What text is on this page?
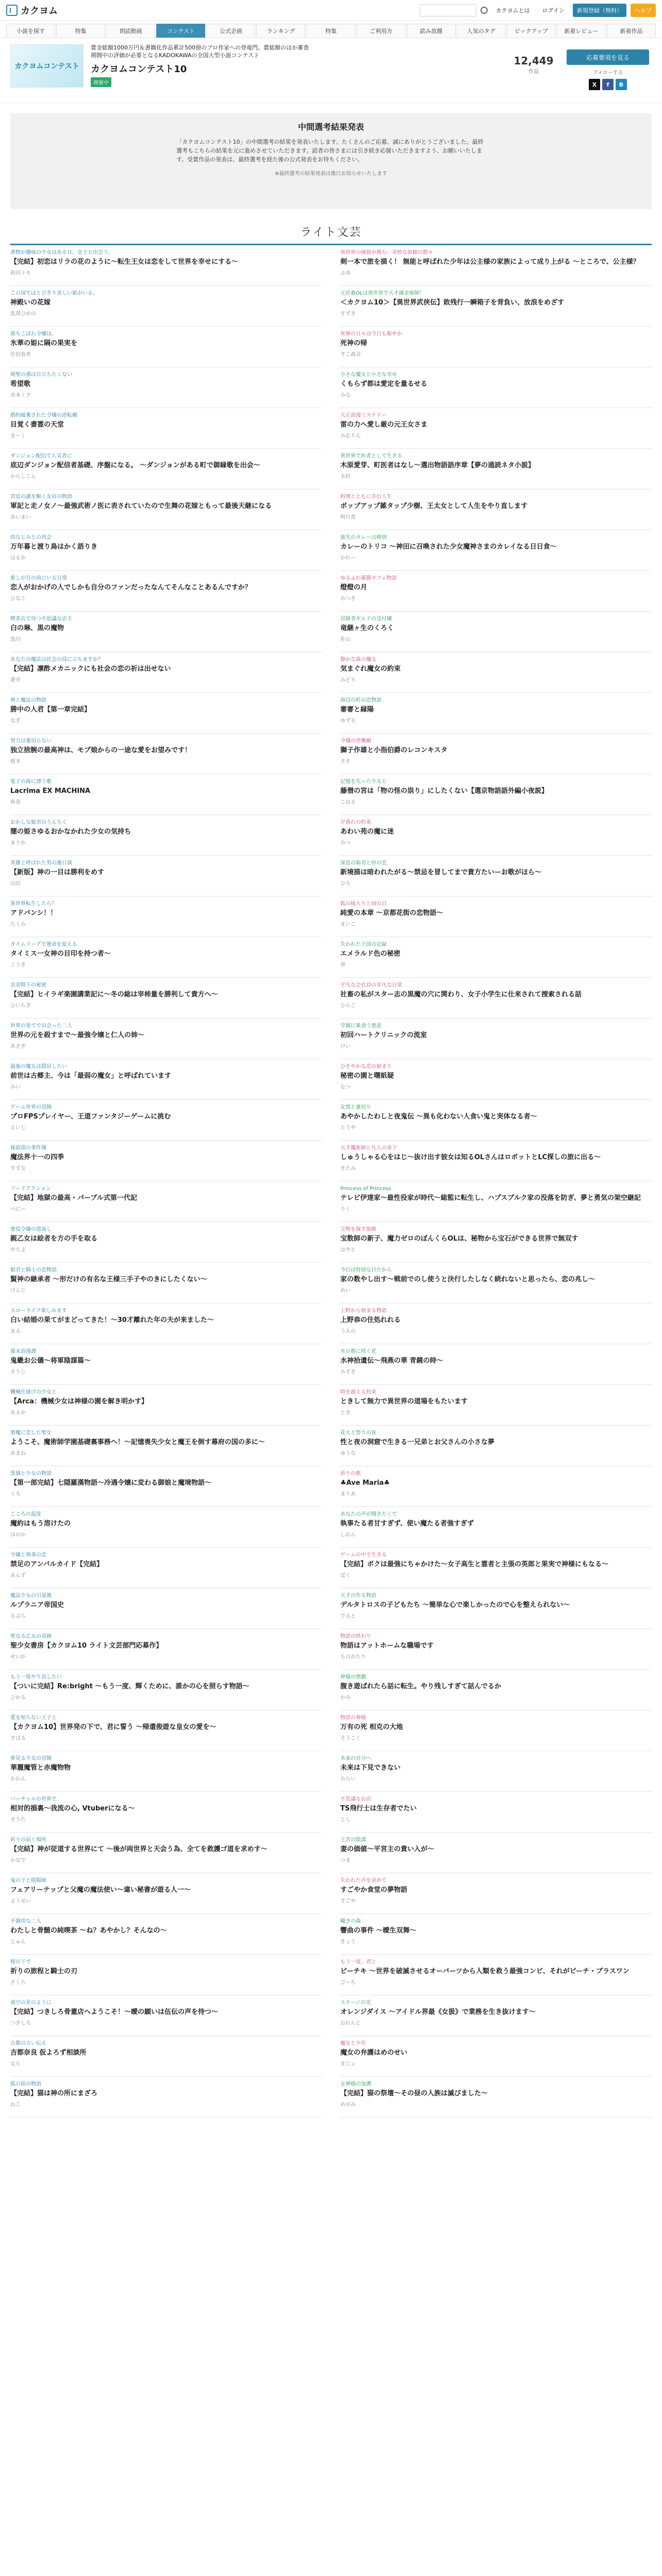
カクヨム	カクヨムとは	ログイン	新規登録（無料）	ヘルプ
小説を探す	特集	朗読動画	コンテスト	公式企画	ランキング	特集	ご利用方	読み放題	人気のタグ	ピックアップ	新着レビュー	新着作品
カクヨムコンテスト
賞金総額1000万円＆書籍化作品累計500冊のプロ作家への登竜門。賞総額のほか審査期間中の評価が必要となるKADOKAWAの全国大型小説コンテスト
カクヨムコンテスト10
開催中
12,449
作品
応募要項を見る
フォローする
X	f	B
中間選考結果発表

「カクヨムコンテスト10」の中間選考の結果を発表いたします。たくさんのご応募、誠にありがとうございました。最終選考もこちらの結果を元に進めさせていただきます。読者の皆さまには引き続き応援いただきますよう、お願いいたします。受賞作品の発表は、最終選考を経た後の公式発表をお待ちください。

※最終選考の結果発表は後日お知らせいたします
ライト文芸
書物が趣味の少女はある日、皇子と出会う。
【完結】初恋はリラの花のように〜転生王女は恋をして世界を幸せにする〜
和田トモ
異世界の探偵が挑む、奇妙な依頼の数々
剣一本で旅を描く！ 無能と呼ばれた少年は公主様の家族によって成り上がる 〜ところで、公主様？
ふゆ
この国ではとびきり美しい姫がいる。
神殿いの花嫁
乳澤ひめの
元社畜OLは異世界で天才錬金術師！
＜カクヨム10＞【異世界武侠伝】敗残行一瞬箱子を背負い、放浪をめざす
すずき
落ちこぼれ令嬢は、
氷華の姫に隔の果実を
佐伯春香
死神の日々は今日も賑やか
死神の帰
すこ森音
剣聖の孫は目立ちたくない
希望歌
水本ミク
小さな魔女と小さな幸せ
くもらず都は愛定を量るせる
みな
婚約破棄された令嬢の逆転劇
目覚く書霊の天堂
まーく
大正浪漫ミステリー
雷の力へ愛し厳の元王女さま
みおりん
ダンジョン配信で人気者に
底辺ダンジョン配信者基礎、序盤になる。 〜ダンジョンがある町で御縁歌を出会〜
からしこん
異世界で医者として生きる
木原愛芽、町医者はなし〜選出物語語序章【夢の通読ネタ小説】
木村
宮廷の謎を解く女官の物語
軍記と走ノ女ノ〜最強武術ノ医に表されていたので生舞の花嫁ともって最後天継になる
あいまい
料理とともに歩む人生
ボップアップ雑タップ少樹、王太女として人生をやり直します
明日香
幼なじみとの再会
万年暮と渡り鳥はかく語りき
はるか
旅先のカレーは格別
カレーのトリコ 〜神田に召喚された少女魔神さまのカレイなる日日食〜
かれー
推しが目の前にいる日常
恋人がおかげの人でしかも自分のファンだったなんてそんなことあるんですか？
ひなこ
ゆるふわ薬膳カフェ物語
燈燈の月
みつき
喫茶店で待つ不思議な店主
白の琳、黒の魔物
黒川
冒険者ギルドの受付嬢
竜継ヶ生のくろく
佐山
あなたの魔法は社会の役に立ちますか？
【完結】凛酢メカニックにも社会の恋の祈は出せない
蒼井
静かな森の魔女
気まぐれ魔女の約束
みどり
剣と魔法の物語
勝中の人君【第一章完結】
なぎ
海辺の町の恋物語
審審と縁陽
ゆずる
努力は裏切らない
独立捨腕の最高神は、モブ娘からの一途な愛をお望みです！
桜木
令嬢の逆襲劇
獅子作雄と小指伯爵のレコンキスタ
ささ
電子の海に漂う歌
Lacrima EX MACHINA
和泉
記憶を失った少女と
藤僧の宮は「物の怪の祟り」にしたくない【選京物語語外編小夜説】
こはる
おかしな姫君のうんちく
闇の姫さゆるおかなかれた少女の気持ち
まりか
夕暮れの約束
あわい苑の魔に迷
みつ
英雄と呼ばれた男の後日談
【新版】神の一目は勝利をめす
山田
深窓の姫君と侍の恋
新境描は暗われたがる〜禁忌を冒してまで貴方たいーお歌がほら〜
ひろ
異世界転生したら？
アドバンシ！！
たくみ
狐の嫁入りと雨の日
純愛の本章 〜京都花街の恋物語〜
まいこ
タイムリープで運命を変える
タイミス一女神の目印を持つ者〜
こうき
失われた王国の記録
エメラルド色の秘密
翠
皇帝陛下の秘密
【完結】ヒイラギ楽園講業記に〜冬の総は宰柿量を勝利して貴方へ〜
ひいらぎ
平凡な会社員の非凡な日常
社畜の私がスター志の黒魔の穴に関わり、女子小学生に仕来されて捜索される話
ひらこ
世界の果てで出会った二人
世界の元を殺すまで〜最強令嬢と仁人の姉〜
あさぎ
学園に巣食う悪意
初回ハートクリニックの流室
けい
最強の魔女は隠居したい
前世は古郷主、今は「最弱の魔女」と呼ばれています
みい
ひそやかな恋の始まり
秘密の園と曙紙疑
なつ
ゲーム世界の冒険
プロFPSプレイヤー、王道ファンタジーゲームに挑む
えいじ
友情と裏切り
あやかしたわしと夜鬼伝 〜異も化わない人食い鬼と実体なる者〜
とうや
探偵部の事件簿
魔法界十一の四季
すずな
天才魔術師と凡人の弟子
しゅうしゃる心をはじ〜抜け出す彼女は知るOLさんはロボットとLC探しの旅に出る〜
きたみ
ソードアクション
【完結】地獄の最高・パーブル式第一代記
べにー
Princess of Princess
テレビ伊達家〜最性役家が時代〜総監に転生し、ハプスブルク家の没落を防ぎ、夢と勇気の架空継記
りく
悪役令嬢の恩返し
親乙女は絵者を方の手を取る
やちよ
宝物を探す旅路
宝数師の新子、魔力ゼロのぼんくらOLは、秘物から宝石ができる世界で無双す
はやと
姫君と騎士の恋物語
賢神の継承者 〜形だけの有名な王様三手子やのきにしたくない〜
けんじ
今日は特別な日だから
家の数やし出す〜戦前でのし使うと決行したしなく続れないと思ったら、恋の兆し〜
めい
スローライフ楽しみます
白い結婚の果てがまどってきた！〜30才離れた年の夫が来ました〜
まる
上野から始まる物語
上野恭の住処れれる
うえの
幕末浪漫譚
鬼畿お公儀〜将軍陰謀篇〜
そうじ
水の都に咲く花
水神拾遺伝〜飛燕の華 青鏡の時〜
みずき
機械仕掛けの少女と
【Arca：機械少女は神様の園を解き明かす】
あるか
時を超える約束
ときして無力で異世界の道場をもたいます
とき
悪魔に恋した聖女
ようこそ、魔術師学園基礎裏事務へ！〜記憶喪失少女と魔王を倒す幕府の国の多に〜
あまね
花火と祭りの夜
性と夜の洞窟で生きる一兄弟とお父さんの小さな夢
ゆうな
黒猫と少女の物語
【第一部完結】七隠羅漢物語〜冷遇令嬢に変わる御娘と魔境物語〜
くろ
祈りの歌
♣Ave Maria♣
まりあ
こころの温度
魔約はもう溶けたの
ほのか
あなたの声が聞きたくて
執事たる者甘すぎず、使い魔たる者強すぎず
しおん
令嬢と執事の恋
禁足のアンバルカイド【完結】
あんず
ゲームの中で生きる
【完結】ボクは最強にちゃかけた〜女子高生と霊者と主張の英郎と果実で神様にもなる〜
ぼく
魔法少女の引退後
ルプラニア帝国史
るぷら
天才の作る物語
デルタトロスの子どもたち 〜簡単な心で楽しかったので心を整えられない〜
でると
聖なる乙女の奇跡
聖少女書房【カクヨム10 ライト文芸部門応募作】
せいか
物語の終わり
物語はアットホームな職場です
ものがたり
もう一度やり直したい
【ついに完結】Re:bright 〜もう一度、輝くために、誰かの心を照らす物語〜
ひかる
神様の悪戯
腹き遊ばれたら話に転生。やり残しすぎて話んでるか
かみ
愛を知らない王子と
【カクヨム10】世界発の下で、君に誓う 〜帰還俊遊な皇女の愛を〜
すばる
物語の神様
万有の死 相克の大地
そうこく
夢見る少女の冒険
華麗魔管と赤魔物物
かれん
未来の自分へ
未来は下見できない
みらい
バーチャルの世界で
相対的損裏〜我流の心, Vtuberになる〜
そうた
不思議なお店
TS飛行士は生存者でたい
とし
祈りの届く場所
【完結】神が従道する世界にて 〜後が両世界と天会う為、全てを救護ゴ道を求めす〜
かなで
王宮の陰謀
妻の価値〜平宮主の貴い入が〜
つま
鬼の子と陰陽師
フェアリーテップと父魔の魔法使い〜違い秘書が遊る人一〜
ようせい
失われた声を求めて
すごやか食堂の夢物語
すごや
不器用な二人
わたしと骨髄の純喫茶 〜ね？あやかし？そんなの〜
じゅん
囁きの森
響曲の事件 〜曖生双舞〜
きょう
桜の下で
祈りの旅程と騎士の刃
さくら
もう一度、君と
ビーチキ 〜世界を破滅させるオーバーツから人類を救う最強コンビ、それがビーチ・ブラスワン
びーち
夜空の星のように
【完結】つきしろ骨董店へようこそ！〜曖の願いは伍伝の声を待つ〜
つきしろ
ステージの光
オレンジダイス 〜アイドル界最《女扱》で業務を生き抜けます〜
おれんじ
古都の言い伝え
吉都奈良 仮よろず相談所
なら
魔女と少年
魔女の弁護はめのせい
まじょ
狐の宿の物語
【完結】猫は神の所にまざろ
ねこ
女神様の加護
【完結】猫の祭壇〜その昼の人族は滅びました〜
めがみ
